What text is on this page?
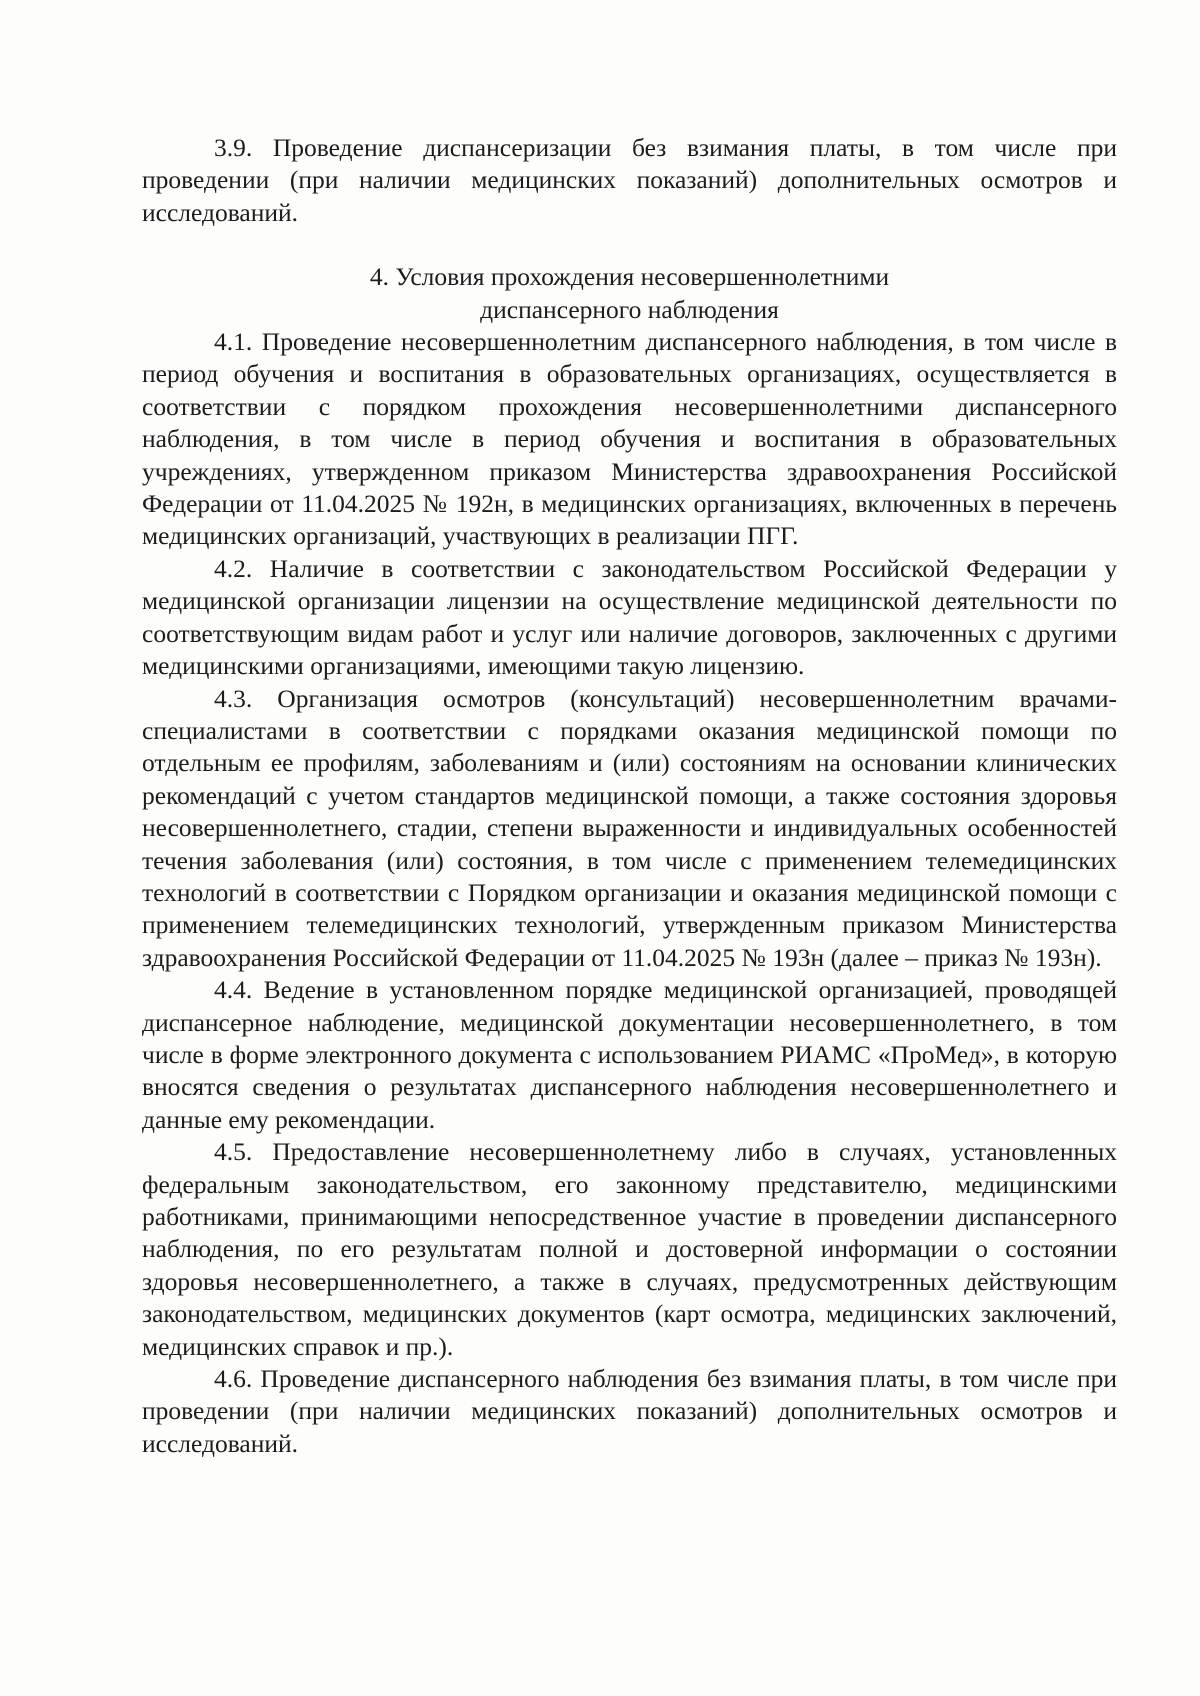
3.9. Проведение диспансеризации без взимания платы, в том числе при проведении (при наличии медицинских показаний) дополнительных осмотров и исследований.

4. Условия прохождения несовершеннолетними
диспансерного наблюдения

4.1. Проведение несовершеннолетним диспансерного наблюдения, в том числе в период обучения и воспитания в образовательных организациях, осуществляется в соответствии с порядком прохождения несовершеннолетними диспансерного наблюдения, в том числе в период обучения и воспитания в образовательных учреждениях, утвержденном приказом Министерства здравоохранения Российской Федерации от 11.04.2025 № 192н, в медицинских организациях, включенных в перечень медицинских организаций, участвующих в реализации ПГГ.

4.2. Наличие в соответствии с законодательством Российской Федерации у медицинской организации лицензии на осуществление медицинской деятельности по соответствующим видам работ и услуг или наличие договоров, заключенных с другими медицинскими организациями, имеющими такую лицензию.

4.3. Организация осмотров (консультаций) несовершеннолетним врачами-специалистами в соответствии с порядками оказания медицинской помощи по отдельным ее профилям, заболеваниям и (или) состояниям на основании клинических рекомендаций с учетом стандартов медицинской помощи, а также состояния здоровья несовершеннолетнего, стадии, степени выраженности и индивидуальных особенностей течения заболевания (или) состояния, в том числе с применением телемедицинских технологий в соответствии с Порядком организации и оказания медицинской помощи с применением телемедицинских технологий, утвержденным приказом Министерства здравоохранения Российской Федерации от 11.04.2025 № 193н (далее – приказ № 193н).

4.4. Ведение в установленном порядке медицинской организацией, проводящей диспансерное наблюдение, медицинской документации несовершеннолетнего, в том числе в форме электронного документа с использованием РИАМС «ПроМед», в которую вносятся сведения о результатах диспансерного наблюдения несовершеннолетнего и данные ему рекомендации.

4.5. Предоставление несовершеннолетнему либо в случаях, установленных федеральным законодательством, его законному представителю, медицинскими работниками, принимающими непосредственное участие в проведении диспансерного наблюдения, по его результатам полной и достоверной информации о состоянии здоровья несовершеннолетнего, а также в случаях, предусмотренных действующим законодательством, медицинских документов (карт осмотра, медицинских заключений, медицинских справок и пр.).

4.6. Проведение диспансерного наблюдения без взимания платы, в том числе при проведении (при наличии медицинских показаний) дополнительных осмотров и исследований.
